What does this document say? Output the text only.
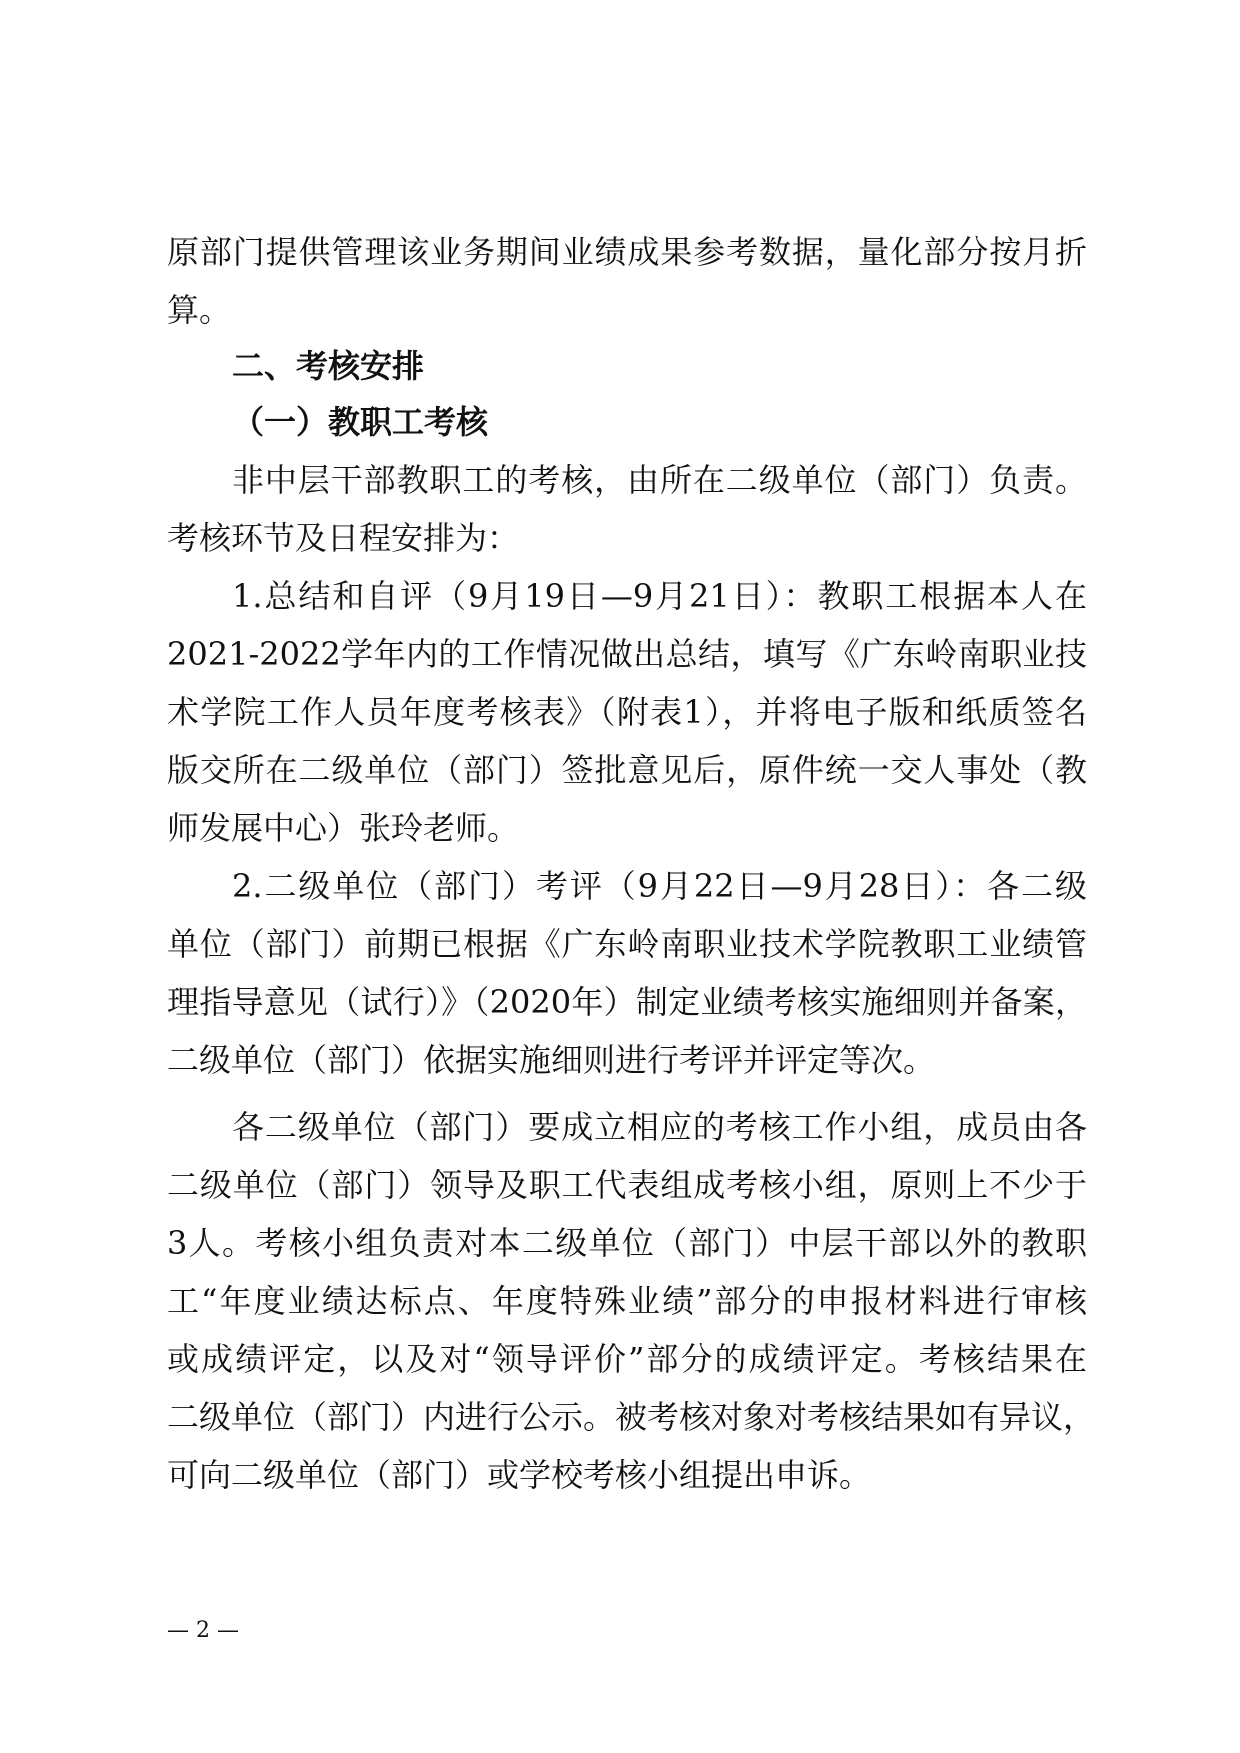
原部门提供管理该业务期间业绩成果参考数据，量化部分按月折
算。
二、考核安排
（一）教职工考核
非中层干部教职工的考核，由所在二级单位（部门）负责。
考核环节及日程安排为：
1.总结和自评（9月19日—9月21日）：教职工根据本人在
2021-2022学年内的工作情况做出总结，填写《广东岭南职业技
术学院工作人员年度考核表》（附表1），并将电子版和纸质签名
版交所在二级单位（部门）签批意见后，原件统一交人事处（教
师发展中心）张玲老师。
2.二级单位（部门）考评（9月22日—9月28日）：各二级
单位（部门）前期已根据《广东岭南职业技术学院教职工业绩管
理指导意见（试行）》（2020年）制定业绩考核实施细则并备案，
二级单位（部门）依据实施细则进行考评并评定等次。
各二级单位（部门）要成立相应的考核工作小组，成员由各
二级单位（部门）领导及职工代表组成考核小组，原则上不少于
3人。考核小组负责对本二级单位（部门）中层干部以外的教职
工“年度业绩达标点、年度特殊业绩”部分的申报材料进行审核
或成绩评定，以及对“领导评价”部分的成绩评定。考核结果在
二级单位（部门）内进行公示。被考核对象对考核结果如有异议，
可向二级单位（部门）或学校考核小组提出申诉。
— 2 —
